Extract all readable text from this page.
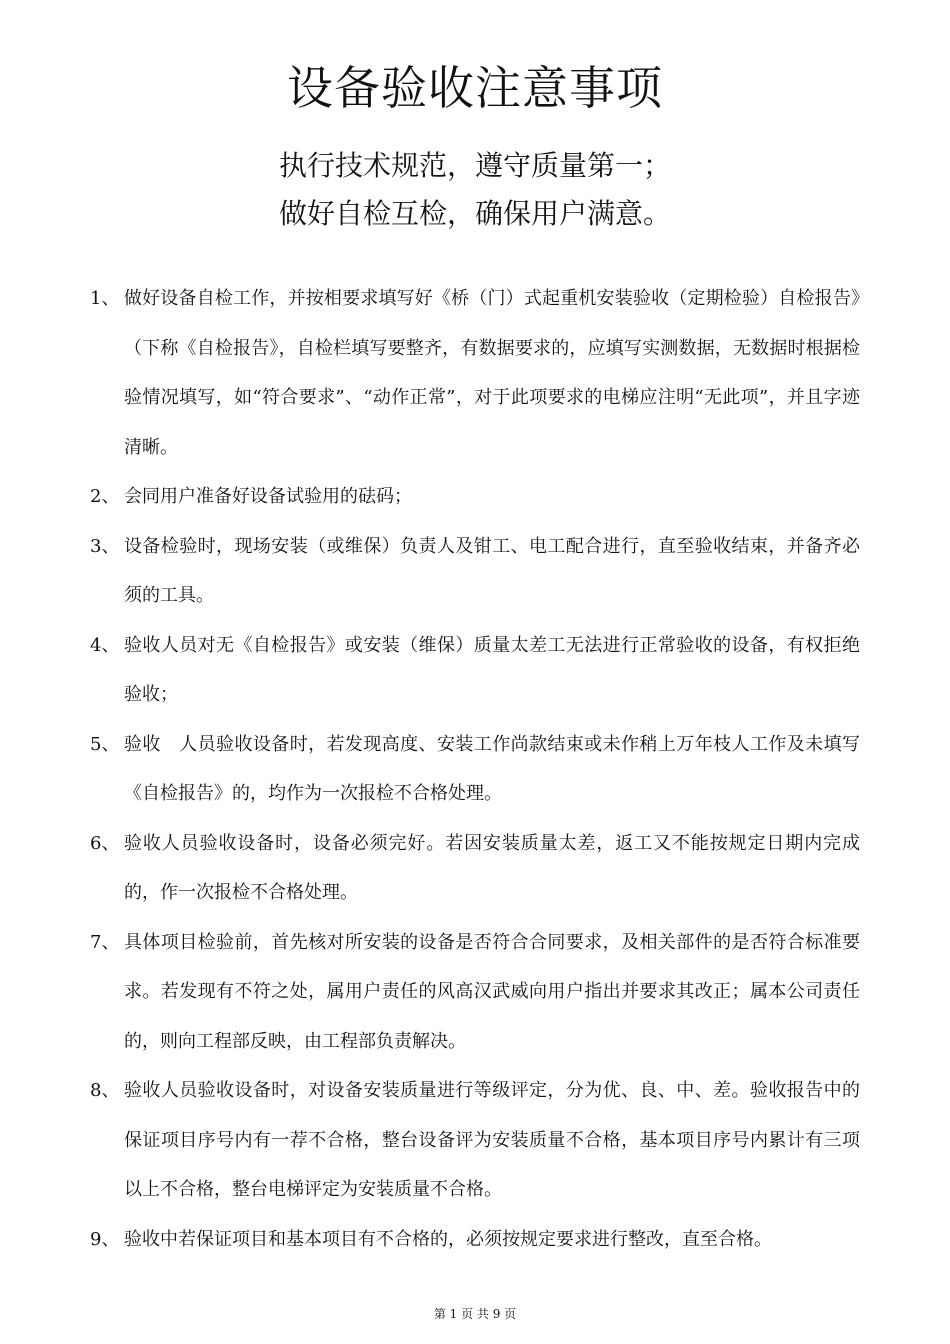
设备验收注意事项
执行技术规范，遵守质量第一；
做好自检互检，确保用户满意。
1、 做好设备自检工作，并按相要求填写好《桥（门）式起重机安装验收（定期检验）自检报告》（下称《自检报告》，自检栏填写要整齐，有数据要求的，应填写实测数据，无数据时根据检验情况填写，如“符合要求”、“动作正常”，对于此项要求的电梯应注明“无此项”，并且字迹清晰。
2、 会同用户准备好设备试验用的砝码；
3、 设备检验时，现场安装（或维保）负责人及钳工、电工配合进行，直至验收结束，并备齐必须的工具。
4、 验收人员对无《自检报告》或安装（维保）质量太差工无法进行正常验收的设备，有权拒绝验收；
5、 验收　人员验收设备时，若发现高度、安装工作尚款结束或未作稍上万年枝人工作及未填写《自检报告》的，均作为一次报检不合格处理。
6、 验收人员验收设备时，设备必须完好。若因安装质量太差，返工又不能按规定日期内完成的，作一次报检不合格处理。
7、 具体项目检验前，首先核对所安装的设备是否符合合同要求，及相关部件的是否符合标准要求。若发现有不符之处，属用户责任的风高汉武威向用户指出并要求其改正；属本公司责任的，则向工程部反映，由工程部负责解决。
8、 验收人员验收设备时，对设备安装质量进行等级评定，分为优、良、中、差。验收报告中的保证项目序号内有一荐不合格，整台设备评为安装质量不合格，基本项目序号内累计有三项以上不合格，整台电梯评定为安装质量不合格。
9、 验收中若保证项目和基本项目有不合格的，必须按规定要求进行整改，直至合格。
第 1 页 共 9 页
